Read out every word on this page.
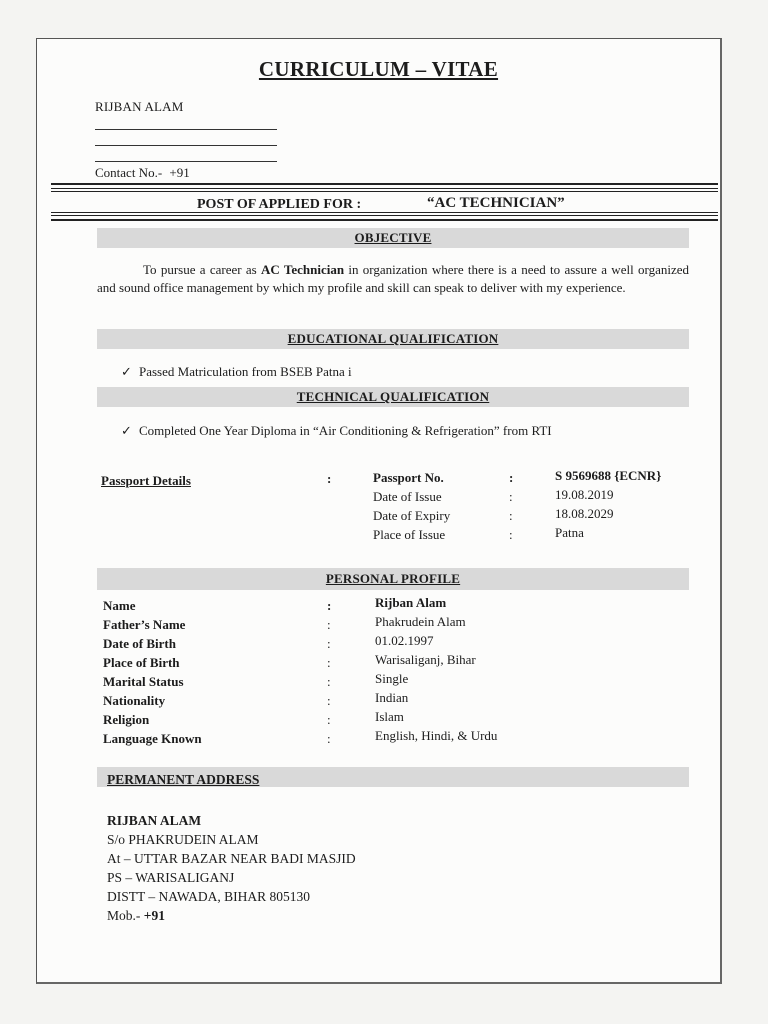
CURRICULUM – VITAE
RIJBAN ALAM
Contact No.- +91
POST OF APPLIED FOR :	“AC TECHNICIAN”
OBJECTIVE
To pursue a career as AC Technician in organization where there is a need to assure a well organized and sound office management by which my profile and skill can speak to deliver with my experience.
EDUCATIONAL QUALIFICATION
✓ Passed Matriculation from BSEB Patna i
TECHNICAL QUALIFICATION
✓ Completed One Year Diploma in “Air Conditioning & Refrigeration” from RTI
Passport Details	:	Passport No.	:	S 9569688 {ECNR}
Date of Issue	:	19.08.2019
Date of Expiry	:	18.08.2029
Place of Issue	:	Patna
PERSONAL PROFILE
Name	:	Rijban Alam
Father’s Name	:	Phakrudein Alam
Date of Birth	:	01.02.1997
Place of Birth	:	Warisaliganj, Bihar
Marital Status	:	Single
Nationality	:	Indian
Religion	:	Islam
Language Known	:	English, Hindi, & Urdu
PERMANENT ADDRESS
RIJBAN ALAM
S/o PHAKRUDEIN ALAM
At – UTTAR BAZAR NEAR BADI MASJID
PS – WARISALIGANJ
DISTT – NAWADA, BIHAR 805130
Mob.- +91
